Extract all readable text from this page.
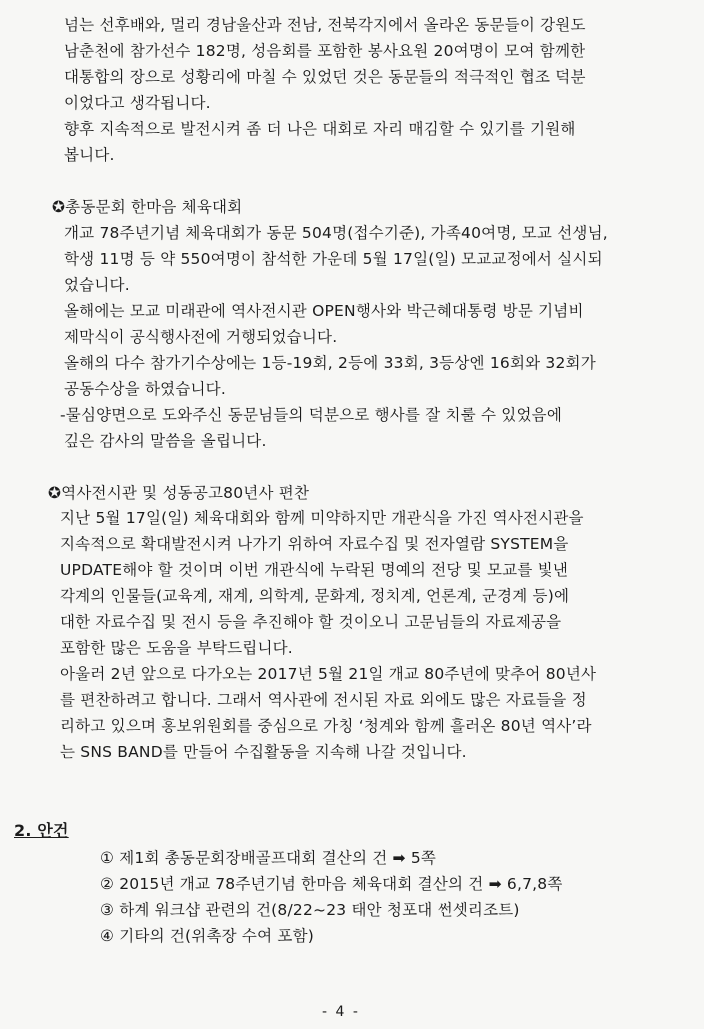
넘는 선후배와, 멀리 경남울산과 전남, 전북각지에서 올라온 동문들이 강원도
남춘천에 참가선수 182명, 성음회를 포함한 봉사요원 20여명이 모여 함께한
대통합의 장으로 성황리에 마칠 수 있었던 것은 동문들의 적극적인 협조 덕분
이었다고 생각됩니다.
향후 지속적으로 발전시켜 좀 더 나은 대회로 자리 매김할 수 있기를 기원해
봅니다.
✪총동문회 한마음 체육대회
개교 78주년기념 체육대회가 동문 504명(접수기준), 가족40여명, 모교 선생님,
학생 11명 등 약 550여명이 참석한 가운데 5월 17일(일) 모교교정에서 실시되
었습니다.
올해에는 모교 미래관에 역사전시관 OPEN행사와 박근혜대통령 방문 기념비
제막식이 공식행사전에 거행되었습니다.
올해의 다수 참가기수상에는 1등-19회, 2등에 33회, 3등상엔 16회와 32회가
공동수상을 하였습니다.
-물심양면으로 도와주신 동문님들의 덕분으로 행사를 잘 치룰 수 있었음에
깊은 감사의 말씀을 올립니다.
✪역사전시관 및 성동공고80년사 편찬
지난 5월 17일(일) 체육대회와 함께 미약하지만 개관식을 가진 역사전시관을
지속적으로 확대발전시켜 나가기 위하여 자료수집 및 전자열람 SYSTEM을
UPDATE해야 할 것이며 이번 개관식에 누락된 명예의 전당 및 모교를 빛낸
각계의 인물들(교육계, 재계, 의학계, 문화계, 정치계, 언론계, 군경계 등)에
대한 자료수집 및 전시 등을 추진해야 할 것이오니 고문님들의 자료제공을
포함한 많은 도움을 부탁드립니다.
아울러 2년 앞으로 다가오는 2017년 5월 21일 개교 80주년에 맞추어 80년사
를 편찬하려고 합니다. 그래서 역사관에 전시된 자료 외에도 많은 자료들을 정
리하고 있으며 홍보위원회를 중심으로 가칭 ‘청계와 함께 흘러온 80년 역사’라
는 SNS BAND를 만들어 수집활동을 지속해 나갈 것입니다.
2. 안건
① 제1회 총동문회장배골프대회 결산의 건 ➡ 5쪽
② 2015년 개교 78주년기념 한마음 체육대회 결산의 건 ➡ 6,7,8쪽
③ 하계 워크샵 관련의 건(8/22~23 태안 청포대 썬셋리조트)
④ 기타의 건(위촉장 수여 포함)
- 4 -
